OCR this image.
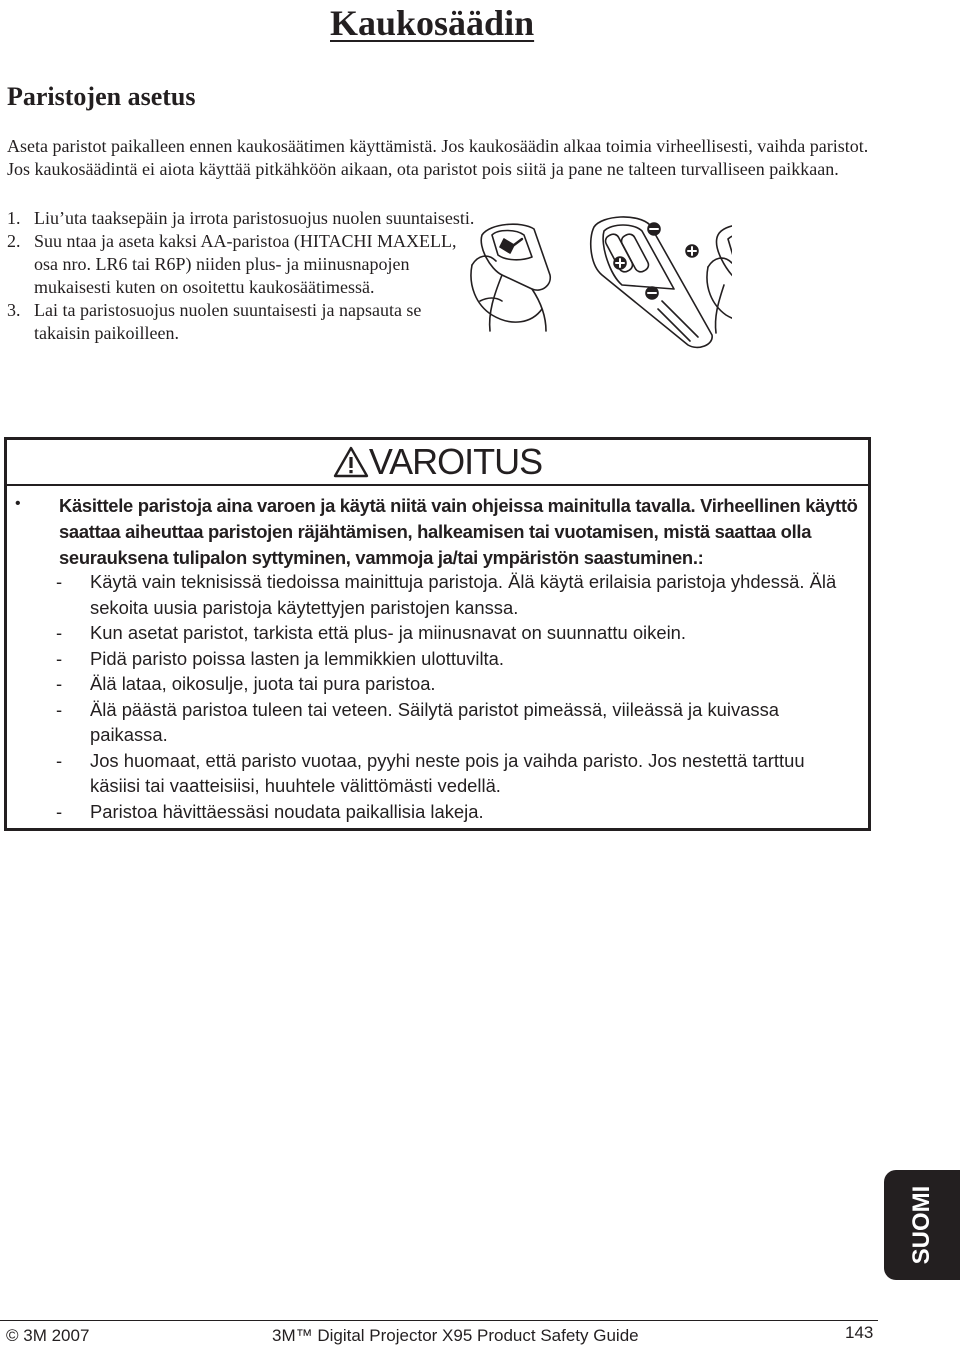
Kaukosäädin
Paristojen asetus

Aseta paristot paikalleen ennen kaukosäätimen käyttämistä. Jos kaukosäädin alkaa toimia virheellisesti, vaihda paristot. Jos kaukosäädintä ei aiota käyttää pitkähköön aikaan, ota paristot pois siitä ja pane ne talteen turvalliseen paikkaan.

1. Liu’uta taaksepäin ja irrota paristosuojus nuolen suuntaisesti.
2. Suu ntaa ja aseta kaksi AA-paristoa (HITACHI MAXELL, osa nro. LR6 tai R6P) niiden plus- ja miinusnapojen mukaisesti kuten on osoitettu kaukosäätimessä.
3. Lai ta paristosuojus nuolen suuntaisesti ja napsauta se takaisin paikoilleen.
VAROITUS
• Käsittele paristoja aina varoen ja käytä niitä vain ohjeissa mainitulla tavalla. Virheellinen käyttö saattaa aiheuttaa paristojen räjähtämisen, halkeamisen tai vuotamisen, mistä saattaa olla seurauksena tulipalon syttyminen, vammoja ja/tai ympäristön saastuminen.:

- Käytä vain teknisissä tiedoissa mainittuja paristoja. Älä käytä erilaisia paristoja yhdessä. Älä sekoita uusia paristoja käytettyjen paristojen kanssa.
- Kun asetat paristot, tarkista että plus- ja miinusnavat on suunnattu oikein.
- Pidä paristo poissa lasten ja lemmikkien ulottuvilta.
- Älä lataa, oikosulje, juota tai pura paristoa.
- Älä päästä paristoa tuleen tai veteen. Säilytä paristot pimeässä, viileässä ja kuivassa paikassa.
- Jos huomaat, että paristo vuotaa, pyyhi neste pois ja vaihda paristo. Jos nestettä tarttuu käsiisi tai vaatteisiisi, huuhtele välittömästi vedellä.
- Paristoa hävittäessäsi noudata paikallisia lakeja.
SUOMI
© 3M 2007	3M™ Digital Projector X95 Product Safety Guide	143
